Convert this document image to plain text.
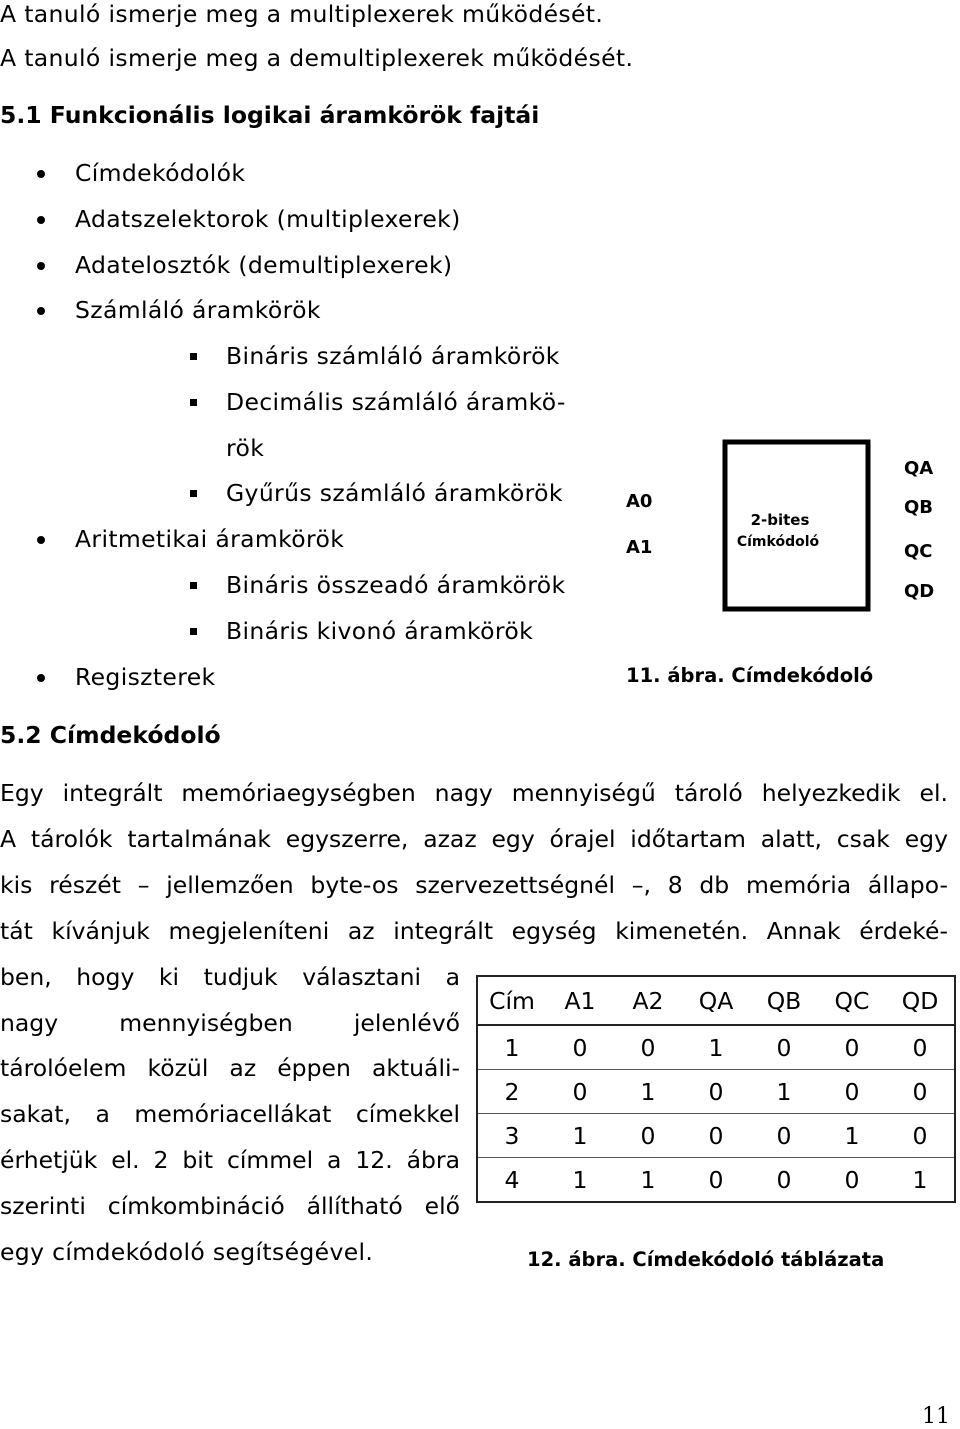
A tanuló ismerje meg a multiplexerek működését.
A tanuló ismerje meg a demultiplexerek működését.
5.1 Funkcionális logikai áramkörök fajtái
Címdekódolók
Adatszelektorok (multiplexerek)
Adatelosztók (demultiplexerek)
Számláló áramkörök
Bináris számláló áramkörök
Decimális számláló áramkö-
rök
Gyűrűs számláló áramkörök
Aritmetikai áramkörök
Bináris összeadó áramkörök
Bináris kivonó áramkörök
Regiszterek
2-bites
Címkódoló
A0
A1
QA
QB
QC
QD
11. ábra. Címdekódoló
5.2 Címdekódoló
Egy integrált memóriaegységben nagy mennyiségű tároló helyezkedik el.
A tárolók tartalmának egyszerre, azaz egy órajel időtartam alatt, csak egy
kis részét – jellemzően byte-os szervezettségnél –, 8 db memória állapo-
tát kívánjuk megjeleníteni az integrált egység kimenetén. Annak érdeké-
ben, hogy ki tudjuk választani a
nagy mennyiségben jelenlévő
tárolóelem közül az éppen aktuáli-
sakat, a memóriacellákat címekkel
érhetjük el. 2 bit címmel a 12. ábra
szerinti címkombináció állítható elő
egy címdekódoló segítségével.
Cím	A1	A2	QA	QB	QC	QD
1	0	0	1	0	0	0
2	0	1	0	1	0	0
3	1	0	0	0	1	0
4	1	1	0	0	0	1
12. ábra. Címdekódoló táblázata
11
